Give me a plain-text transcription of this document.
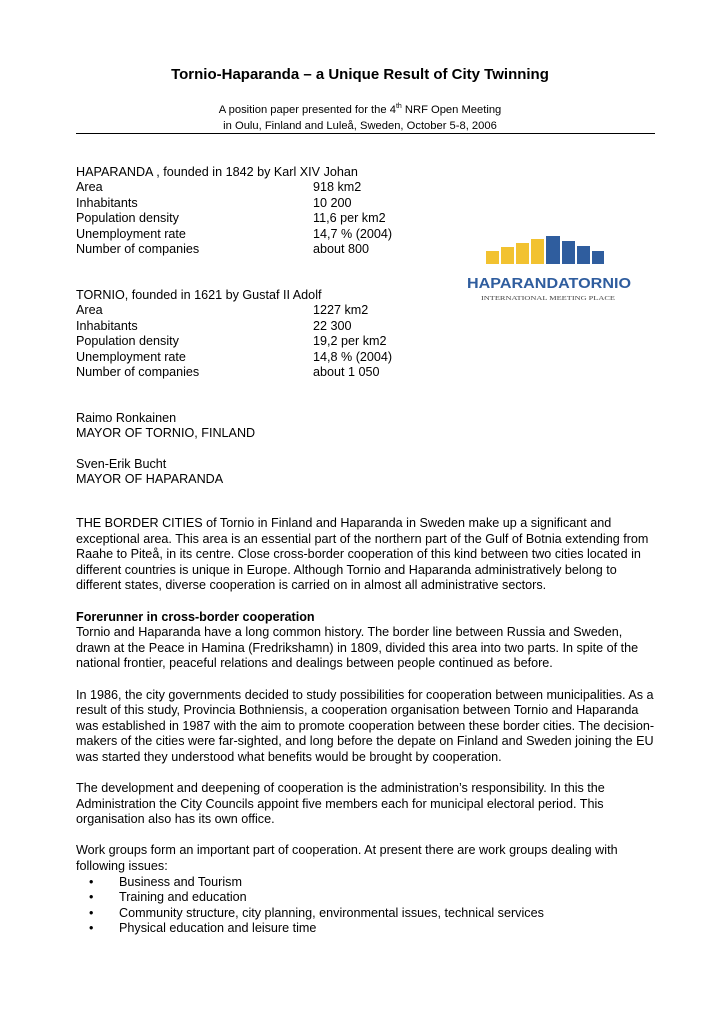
Tornio-Haparanda – a Unique Result of City Twinning
A position paper presented for the 4th NRF Open Meeting
in Oulu, Finland and Luleå, Sweden, October 5-8, 2006
HAPARANDA , founded in 1842 by Karl XIV Johan
Area	918 km2
Inhabitants	10 200
Population density	11,6 per km2
Unemployment rate	14,7 % (2004)
Number of companies	about 800
HAPARANDA TORNIO
INTERNATIONAL MEETING PLACE
TORNIO, founded in 1621 by Gustaf II Adolf
Area	1227 km2
Inhabitants	22 300
Population density	19,2 per km2
Unemployment rate	14,8 % (2004)
Number of companies	about 1 050
Raimo Ronkainen
MAYOR OF TORNIO, FINLAND
Sven-Erik Bucht
MAYOR OF HAPARANDA

THE BORDER CITIES of Tornio in Finland and Haparanda in Sweden make up a significant and exceptional area. This area is an essential part of the northern part of the Gulf of Botnia extending from Raahe to Piteå, in its centre. Close cross-border cooperation of this kind between two cities located in different countries is unique in Europe. Although Tornio and Haparanda administratively belong to different states, diverse cooperation is carried on in almost all administrative sectors.

Forerunner in cross-border cooperation

Tornio and Haparanda have a long common history. The border line between Russia and Sweden, drawn at the Peace in Hamina (Fredrikshamn) in 1809, divided this area into two parts. In spite of the national frontier, peaceful relations and dealings between people continued as before.

In 1986, the city governments decided to study possibilities for cooperation between municipalities. As a result of this study, Provincia Bothniensis, a cooperation organisation between Tornio and Haparanda was established in 1987 with the aim to promote cooperation between these border cities. The decision-makers of the cities were far-sighted, and long before the depate on Finland and Sweden joining the EU was started they understood what benefits would be brought by cooperation.

The development and deepening of cooperation is the administration’s responsibility. In this the Administration the City Councils appoint five members each for municipal electoral period. This organisation also has its own office.

Work groups form an important part of cooperation. At present there are work groups dealing with following issues:

• Business and Tourism
• Training and education
• Community structure, city planning, environmental issues, technical services
• Physical education and leisure time
